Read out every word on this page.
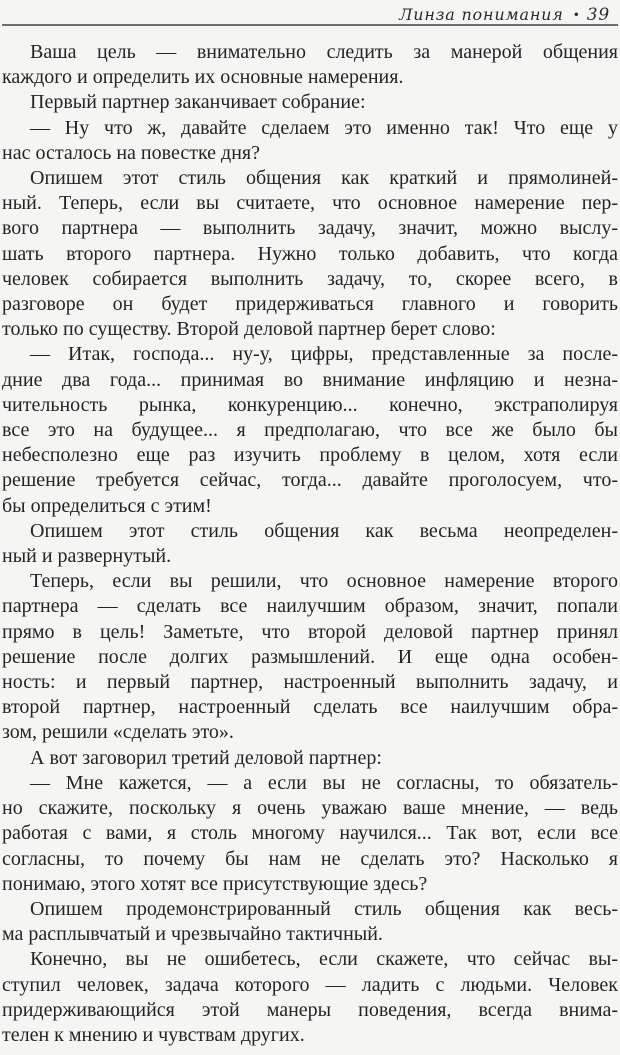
Линза понимания • 39
Ваша цель — внимательно следить за манерой общения
каждого и определить их основные намерения.
Первый партнер заканчивает собрание:
— Ну что ж, давайте сделаем это именно так! Что еще у
нас осталось на повестке дня?
Опишем этот стиль общения как краткий и прямолиней-
ный. Теперь, если вы считаете, что основное намерение пер-
вого партнера — выполнить задачу, значит, можно выслу-
шать второго партнера. Нужно только добавить, что когда
человек собирается выполнить задачу, то, скорее всего, в
разговоре он будет придерживаться главного и говорить
только по существу. Второй деловой партнер берет слово:
— Итак, господа... ну-у, цифры, представленные за после-
дние два года... принимая во внимание инфляцию и незна-
чительность рынка, конкуренцию... конечно, экстраполируя
все это на будущее... я предполагаю, что все же было бы
небесполезно еще раз изучить проблему в целом, хотя если
решение требуется сейчас, тогда... давайте проголосуем, что-
бы определиться с этим!
Опишем этот стиль общения как весьма неопределен-
ный и развернутый.
Теперь, если вы решили, что основное намерение второго
партнера — сделать все наилучшим образом, значит, попали
прямо в цель! Заметьте, что второй деловой партнер принял
решение после долгих размышлений. И еще одна особен-
ность: и первый партнер, настроенный выполнить задачу, и
второй партнер, настроенный сделать все наилучшим обра-
зом, решили «сделать это».
А вот заговорил третий деловой партнер:
— Мне кажется, — а если вы не согласны, то обязатель-
но скажите, поскольку я очень уважаю ваше мнение, — ведь
работая с вами, я столь многому научился... Так вот, если все
согласны, то почему бы нам не сделать это? Насколько я
понимаю, этого хотят все присутствующие здесь?
Опишем продемонстрированный стиль общения как весь-
ма расплывчатый и чрезвычайно тактичный.
Конечно, вы не ошибетесь, если скажете, что сейчас вы-
ступил человек, задача которого — ладить с людьми. Человек
придерживающийся этой манеры поведения, всегда внима-
телен к мнению и чувствам других.
